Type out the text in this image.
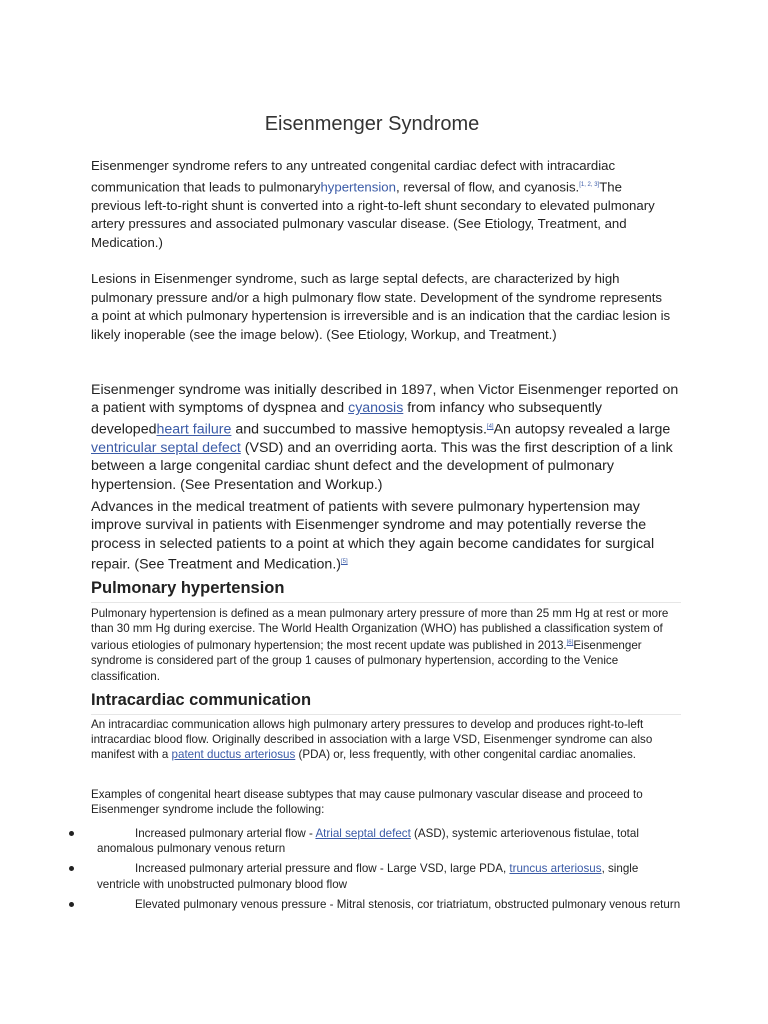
Eisenmenger Syndrome

Eisenmenger syndrome refers to any untreated congenital cardiac defect with intracardiac communication that leads to pulmonaryhypertension, reversal of flow, and cyanosis.[1, 2, 3]The previous left-to-right shunt is converted into a right-to-left shunt secondary to elevated pulmonary artery pressures and associated pulmonary vascular disease. (See Etiology, Treatment, and Medication.)

Lesions in Eisenmenger syndrome, such as large septal defects, are characterized by high pulmonary pressure and/or a high pulmonary flow state. Development of the syndrome represents a point at which pulmonary hypertension is irreversible and is an indication that the cardiac lesion is likely inoperable (see the image below). (See Etiology, Workup, and Treatment.)

Eisenmenger syndrome was initially described in 1897, when Victor Eisenmenger reported on a patient with symptoms of dyspnea and cyanosis from infancy who subsequently developedheart failure and succumbed to massive hemoptysis.[4]An autopsy revealed a large ventricular septal defect (VSD) and an overriding aorta. This was the first description of a link between a large congenital cardiac shunt defect and the development of pulmonary hypertension. (See Presentation and Workup.)

Advances in the medical treatment of patients with severe pulmonary hypertension may improve survival in patients with Eisenmenger syndrome and may potentially reverse the process in selected patients to a point at which they again become candidates for surgical repair. (See Treatment and Medication.)[5]

Pulmonary hypertension

Pulmonary hypertension is defined as a mean pulmonary artery pressure of more than 25 mm Hg at rest or more than 30 mm Hg during exercise. The World Health Organization (WHO) has published a classification system of various etiologies of pulmonary hypertension; the most recent update was published in 2013.[6]Eisenmenger syndrome is considered part of the group 1 causes of pulmonary hypertension, according to the Venice classification.

Intracardiac communication

An intracardiac communication allows high pulmonary artery pressures to develop and produces right-to-left intracardiac blood flow. Originally described in association with a large VSD, Eisenmenger syndrome can also manifest with a patent ductus arteriosus (PDA) or, less frequently, with other congenital cardiac anomalies.

Examples of congenital heart disease subtypes that may cause pulmonary vascular disease and proceed to Eisenmenger syndrome include the following:

Increased pulmonary arterial flow - Atrial septal defect (ASD), systemic arteriovenous fistulae, total anomalous pulmonary venous return
Increased pulmonary arterial pressure and flow - Large VSD, large PDA, truncus arteriosus, single ventricle with unobstructed pulmonary blood flow
Elevated pulmonary venous pressure - Mitral stenosis, cor triatriatum, obstructed pulmonary venous return
